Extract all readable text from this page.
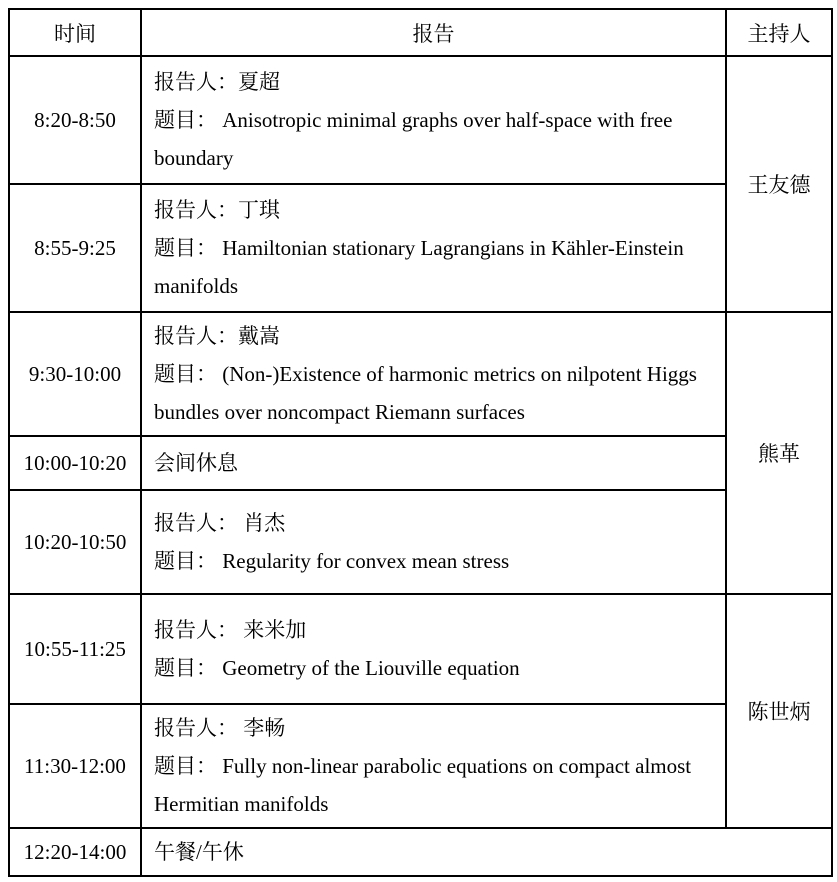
时间	报告	主持人
8:20-8:50	报告人：夏超
题目： Anisotropic minimal graphs over half-space with free boundary	王友德
8:55-9:25	报告人：丁琪
题目： Hamiltonian stationary Lagrangians in Kähler-Einstein manifolds	

9:30-10:00	报告人：戴嵩
题目： (Non-)Existence of harmonic metrics on nilpotent Higgs bundles over noncompact Riemann surfaces	熊革
10:00-10:20	会间休息	
10:20-10:50	报告人： 肖杰
题目： Regularity for convex mean stress	

10:55-11:25	报告人： 来米加
题目： Geometry of the Liouville equation	陈世炳
11:30-12:00	报告人： 李畅
题目： Fully non-linear parabolic equations on compact almost Hermitian manifolds	

12:20-14:00	午餐/午休	
